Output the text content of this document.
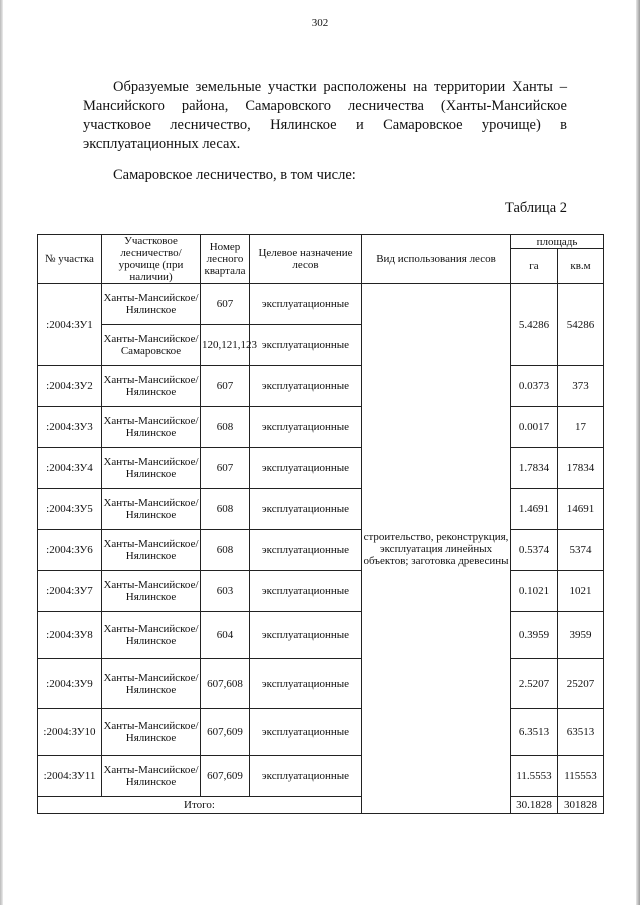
302
Образуемые земельные участки расположены на территории Ханты – Мансийского района, Самаровского лесничества (Ханты-Мансийское участковое лесничество, Нялинское и Самаровское урочище) в эксплуатационных лесах.
Самаровское лесничество, в том числе:
Таблица 2
№ участка	Участковое лесничество/урочище (при наличии)	Номер лесного квартала	Целевое назначение лесов	Вид использования лесов	площадь	
					га	кв.м
:2004:ЗУ1	Ханты-Мансийское/Нялинское	607	эксплуатационные	строительство, реконструкция, эксплуатация линейных объектов; заготовка древесины	5.4286	54286
	Ханты-Мансийское/Самаровское	120,121,123	эксплуатационные			
:2004:ЗУ2	Ханты-Мансийское/Нялинское	607	эксплуатационные		0.0373	373
:2004:ЗУ3	Ханты-Мансийское/Нялинское	608	эксплуатационные		0.0017	17
:2004:ЗУ4	Ханты-Мансийское/Нялинское	607	эксплуатационные		1.7834	17834
:2004:ЗУ5	Ханты-Мансийское/Нялинское	608	эксплуатационные		1.4691	14691
:2004:ЗУ6	Ханты-Мансийское/Нялинское	608	эксплуатационные		0.5374	5374
:2004:ЗУ7	Ханты-Мансийское/Нялинское	603	эксплуатационные		0.1021	1021
:2004:ЗУ8	Ханты-Мансийское/Нялинское	604	эксплуатационные		0.3959	3959
:2004:ЗУ9	Ханты-Мансийское/Нялинское	607,608	эксплуатационные		2.5207	25207
:2004:ЗУ10	Ханты-Мансийское/Нялинское	607,609	эксплуатационные		6.3513	63513
:2004:ЗУ11	Ханты-Мансийское/Нялинское	607,609	эксплуатационные		11.5553	115553
Итого:					30.1828	301828
